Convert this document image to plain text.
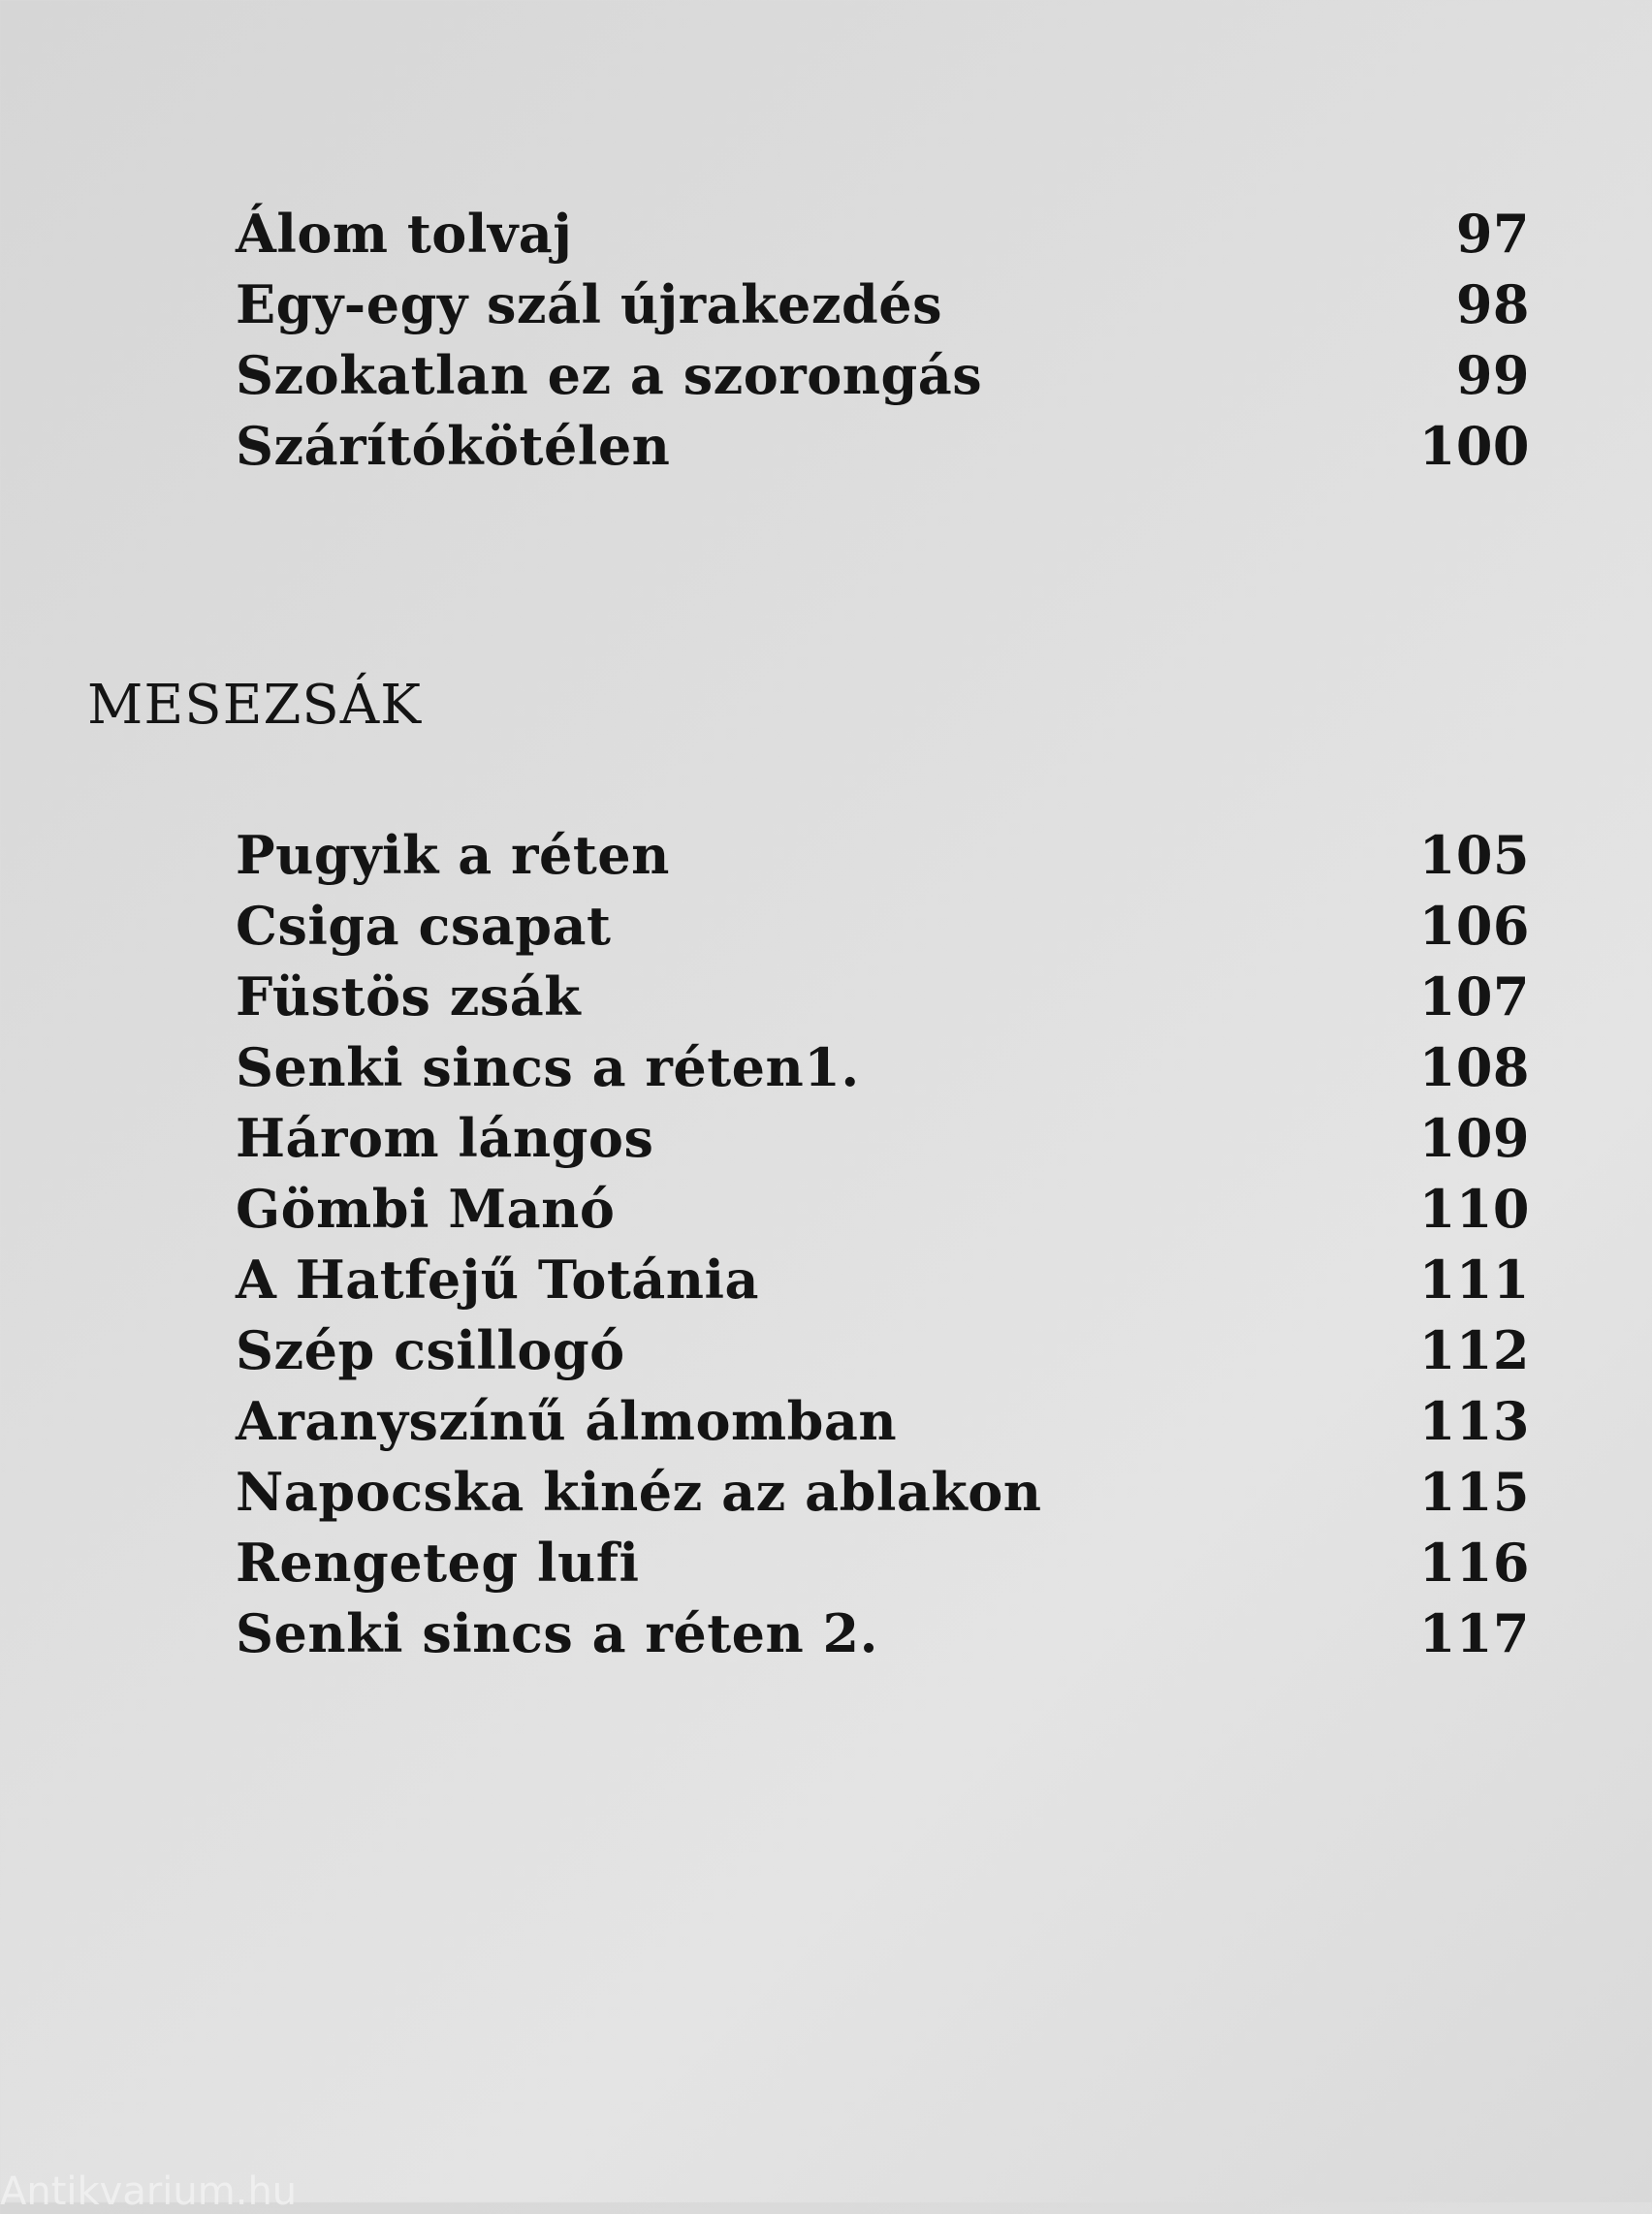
Álom tolvaj	97
Egy-egy szál újrakezdés	98
Szokatlan ez a szorongás	99
Szárítókötélen	100
MESEZSÁK
Pugyik a réten	105
Csiga csapat	106
Füstös zsák	107
Senki sincs a réten1.	108
Három lángos	109
Gömbi Manó	110
A Hatfejű Totánia	111
Szép csillogó	112
Aranyszínű álmomban	113
Napocska kinéz az ablakon	115
Rengeteg lufi	116
Senki sincs a réten 2.	117
Antikvarium.hu
